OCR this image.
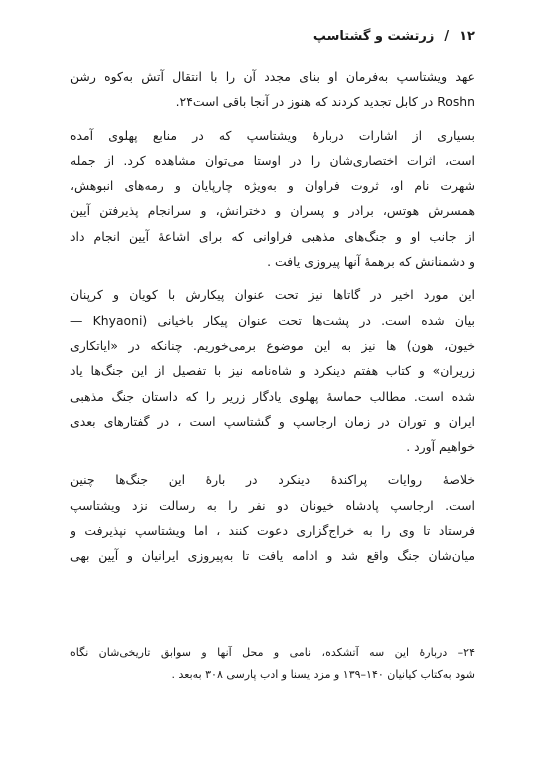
۱۲
/
زرتشت و گشتاسپ
عهد ویشتاسپ به‌فرمان او بنای مجدد آن را با انتقال آتش به‌کوه رشن
Roshn در کابل تجدید کردند که هنوز در آنجا باقی است۲۴.
بسیاری از اشارات دربارهٔ ویشتاسپ که در منابع پهلوی آمده
است، اثرات اختصاری‌شان را در اوستا می‌توان مشاهده کرد. از جمله
شهرت نام او، ثروت فراوان و به‌ویژه چارپایان و رمه‌های انبوهش،
همسرش هوتس، برادر و پسران و دخترانش، و سرانجام پذیرفتن آیین
از جانب او و جنگ‌های مذهبی فراوانی که برای اشاعهٔ آیین انجام داد
و دشمنانش که برهمهٔ آنها پیروزی یافت .
این مورد اخیر در گاتاها نیز تحت عنوان پیکارش با کویان و کرپنان
بیان شده است. در پشت‌ها تحت عنوان پیکار باخیانی (Khyaoni —
خیون، هون) ها نیز به این موضوع برمی‌خوریم. چنانکه در «ایاتکاری
زریران» و کتاب هفتم دینکرد و شاه‌نامه نیز با تفصیل از این جنگ‌ها یاد
شده است. مطالب حماسهٔ پهلوی یادگار زریر را که داستان جنگ مذهبی
ایران و توران در زمان ارجاسپ و گشتاسپ است ، در گفتارهای بعدی
خواهیم آورد .
خلاصهٔ روایات پراکندهٔ دینکرد در بارهٔ این جنگ‌ها چنین
است. ارجاسپ پادشاه خیونان دو نفر را به رسالت نزد ویشتاسپ
فرستاد تا وی را به خراج‌گزاری دعوت کنند ، اما ویشتاسپ نپذیرفت و
میان‌شان جنگ واقع شد و ادامه یافت تا به‌پیروزی ایرانیان و آیین بهی
۲۴– دربارهٔ این سه آتشکده، نامی و محل آنها و سوابق تاریخی‌شان نگاه
شود به‌کتاب کیانیان ۱۴۰–۱۳۹ و مزد یسنا و ادب پارسی ۳۰۸ به‌بعد .
